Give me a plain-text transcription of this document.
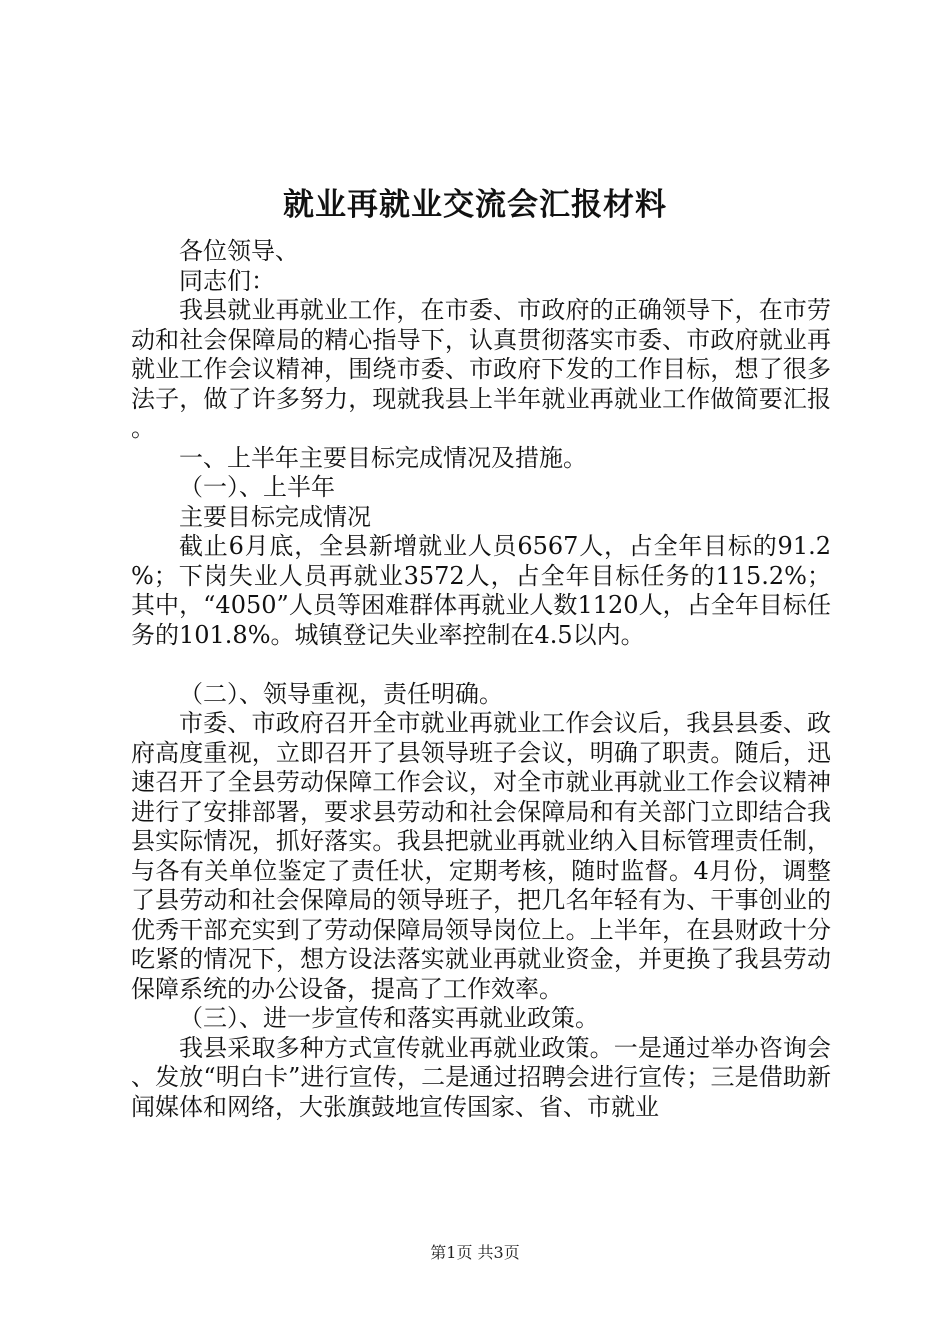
就业再就业交流会汇报材料

各位领导、

同志们：

我县就业再就业工作，在市委、市政府的正确领导下，在市劳动和社会保障局的精心指导下，认真贯彻落实市委、市政府就业再就业工作会议精神，围绕市委、市政府下发的工作目标，想了很多法子，做了许多努力，现就我县上半年就业再就业工作做简要汇报。

一、上半年主要目标完成情况及措施。

（一）、上半年

主要目标完成情况

截止6月底，全县新增就业人员6567人，占全年目标的91.2%；下岗失业人员再就业3572人，占全年目标任务的115.2%；其中，“4050”人员等困难群体再就业人数1120人，占全年目标任务的101.8%。城镇登记失业率控制在4.5以内。

（二）、领导重视，责任明确。

市委、市政府召开全市就业再就业工作会议后，我县县委、政府高度重视，立即召开了县领导班子会议，明确了职责。随后，迅速召开了全县劳动保障工作会议，对全市就业再就业工作会议精神进行了安排部署，要求县劳动和社会保障局和有关部门立即结合我县实际情况，抓好落实。我县把就业再就业纳入目标管理责任制，与各有关单位鉴定了责任状，定期考核，随时监督。4月份，调整了县劳动和社会保障局的领导班子，把几名年轻有为、干事创业的优秀干部充实到了劳动保障局领导岗位上。上半年，在县财政十分吃紧的情况下，想方设法落实就业再就业资金，并更换了我县劳动保障系统的办公设备，提高了工作效率。

（三）、进一步宣传和落实再就业政策。

我县采取多种方式宣传就业再就业政策。一是通过举办咨询会、发放“明白卡”进行宣传，二是通过招聘会进行宣传；三是借助新闻媒体和网络，大张旗鼓地宣传国家、省、市就业

第1页 共3页
